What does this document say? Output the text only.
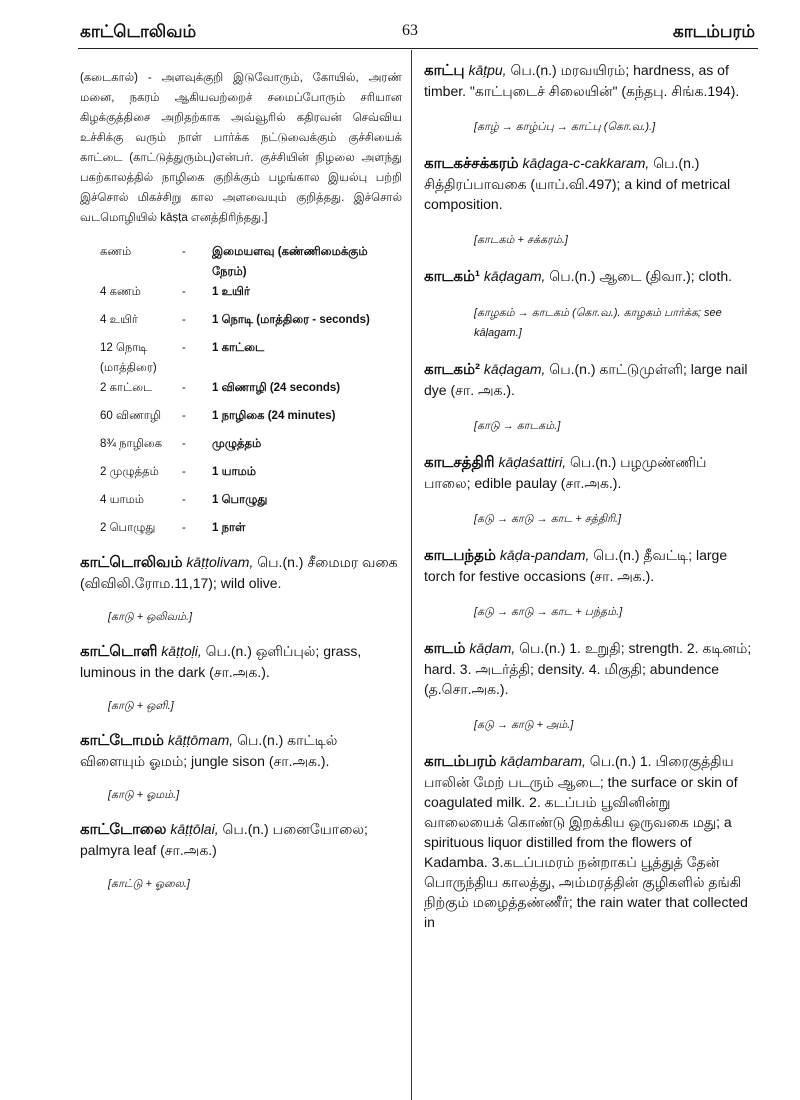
காட்டொலிவம்	63	காடம்பரம்

(கடைகால்) - அளவுக்குறி இடுவோரும், கோயில், அரண் மனை, நகரம் ஆகியவற்றைச் சமைப்போரும் சரியான கிழக்குத்திசை அறிதற்காக அவ்வூரில் கதிரவன் செவ்விய உச்சிக்கு வரும் நாள் பார்க்க நட்டுவைக்கும் குச்சியைக் காட்டை (காட்டுத்துரும்பு)என்பர். குச்சியின் நிழலை அளந்து பகற்காலத்தில் நாழிகை குறிக்கும் பழங்கால இயல்பு பற்றி இச்சொல் மிகச்சிறு கால அளவையும் குறித்தது. இச்சொல் வடமொழியில் kāṣṭa எனத்திரிந்தது.]

கணம்	-	இமையளவு (கண்ணிமைக்கும் நேரம்)
4 கணம்	-	1 உயிர்
4 உயிர்	-	1 நொடி (மாத்திரை - seconds)
12 நொடி (மாத்திரை)	-	1 காட்டை
2 காட்டை	-	1 விணாழி (24 seconds)
60 விணாழி	-	1 நாழிகை (24 minutes)
8¾ நாழிகை	-	முழுத்தம்
2 முழுத்தம்	-	1 யாமம்
4 யாமம்	-	1 பொழுது
2 பொழுது	-	1 நாள்

காட்டொலிவம் kāṭṭolivam, பெ.(n.) சீமைமர வகை (விவிலி.ரோம.11,17); wild olive.

[காடு + ஒலிவம்.]

காட்டொளி kāṭṭoḷi, பெ.(n.) ஒளிப்புல்; grass, luminous in the dark (சா.அக.).

[காடு + ஒளி.]

காட்டோமம் kāṭṭōmam, பெ.(n.) காட்டில் விளையும் ஓமம்; jungle sison (சா.அக.).

[காடு + ஓமம்.]

காட்டோலை kāṭṭōlai, பெ.(n.) பனையோலை; palmyra leaf (சா.அக.)

[காட்டு + ஓலை.]

காட்பு kāṭpu, பெ.(n.) மரவயிரம்; hardness, as of timber. "காட்புடைச் சிலையின்" (கந்தபு. சிங்க.194).

[காழ் → காழ்ப்பு → காட்பு (கொ.வ.).]

காடகச்சக்கரம் kāḍaga-c-cakkaram, பெ.(n.) சித்திரப்பாவகை (யாப்.வி.497); a kind of metrical composition.

[காடகம் + சக்கரம்.]

காடகம்¹ kāḍagam, பெ.(n.) ஆடை (திவா.); cloth.

[காழகம் → காடகம் (கொ.வ.). காழகம் பார்க்க; see kāḷagam.]

காடகம்² kāḍagam, பெ.(n.) காட்டுமுள்ளி; large nail dye (சா. அக.).

[காடு → காடகம்.]

காடசத்திரி kāḍaśattiri, பெ.(n.) பழமுண்ணிப் பாலை; edible paulay (சா.அக.).

[கடு → காடு → காட + சத்திரி.]

காடபந்தம் kāḍa-pandam, பெ.(n.) தீவட்டி; large torch for festive occasions (சா. அக.).

[கடு → காடு → காட + பந்தம்.]

காடம் kāḍam, பெ.(n.) 1. உறுதி; strength. 2. கடினம்; hard. 3. அடர்த்தி; density. 4. மிகுதி; abundence (த.சொ.அக.).

[கடு → காடு + அம்.]

காடம்பரம் kāḍambaram, பெ.(n.) 1. பிரைகுத்திய பாலின் மேற் படரும் ஆடை; the surface or skin of coagulated milk. 2. கடப்பம் பூவினின்று வாலையைக் கொண்டு இறக்கிய ஒருவகை மது; a spirituous liquor distilled from the flowers of Kadamba. 3.கடப்பமரம் நன்றாகப் பூத்துத் தேன் பொருந்திய காலத்து, அம்மரத்தின் குழிகளில் தங்கி நிற்கும் மழைத்தண்ணீர்; the rain water that collected in
